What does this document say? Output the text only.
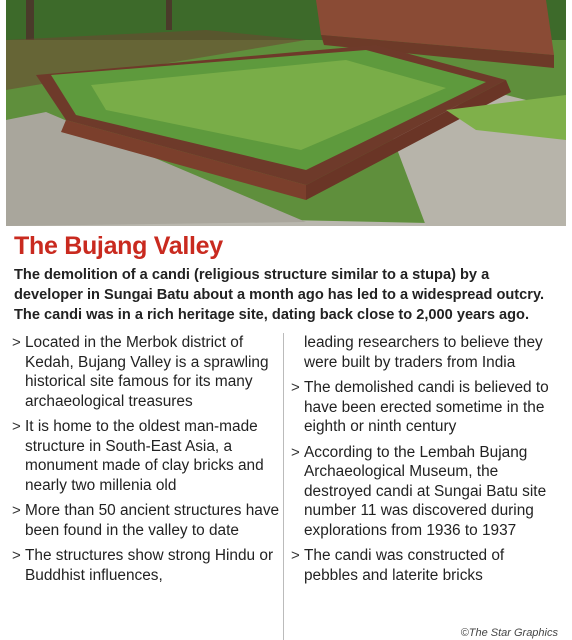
The Bujang Valley

The demolition of a candi (religious structure similar to a stupa) by a developer in Sungai Batu about a month ago has led to a widespread outcry. The candi was in a rich heritage site, dating back close to 2,000 years ago.

> Located in the Merbok district of Kedah, Bujang Valley is a sprawling historical site famous for its many archaeological treasures

> It is home to the oldest man-made structure in South-East Asia, a monument made of clay bricks and nearly two millenia old

> More than 50 ancient structures have been found in the valley to date

> The structures show strong Hindu or Buddhist influences,

leading researchers to believe they were built by traders from India

> The demolished candi is believed to have been erected sometime in the eighth or ninth century

> According to the Lembah Bujang Archaeological Museum, the destroyed candi at Sungai Batu site number 11 was discovered during explorations from 1936 to 1937

> The candi was constructed of pebbles and laterite bricks

©The Star Graphics
